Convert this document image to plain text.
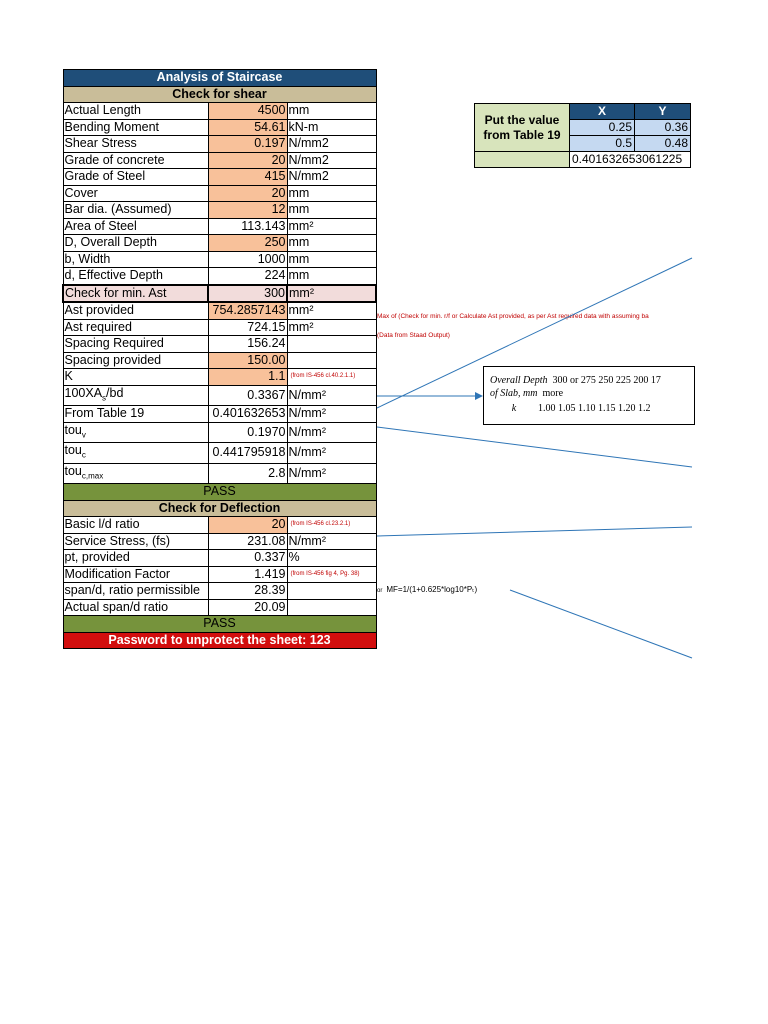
Analysis of Staircase		
Check for shear		
Actual Length	4500	mm
Bending Moment	54.61	kN-m
Shear Stress	0.197	N/mm2
Grade of concrete	20	N/mm2
Grade of Steel	415	N/mm2
Cover	20	mm
Bar dia. (Assumed)	12	mm
Area of Steel	113.143	mm²
D, Overall Depth	250	mm
b, Width	1000	mm
d, Effective Depth	224	mm
Check for min. Ast	300	mm²
Ast provided	754.2857143	mm²
Ast required	724.15	mm²
Spacing Required	156.24	
Spacing provided	150.00	
K	1.1	(from IS-456 cl.40.2.1.1)
$100XA_s/bd$	0.3367	N/mm²
From Table 19	0.401632653	N/mm²
tou$_v$	0.1970	N/mm²
tou$_c$	0.441795918	N/mm²
tou$_{c,max}$	2.8	N/mm²
PASS		
Check for Deflection		
Basic l/d ratio	20	(from IS-456 cl.23.2.1)
Service Stress, (fs)	231.08	N/mm²
pt, provided	0.337	%
Modification Factor	1.419	(from IS-456 fig 4, Pg. 38)
span/d, ratio permissible	28.39	
Actual span/d ratio	20.09	
PASS		
Password to unprotect the sheet: 123		
Put the value from Table 19	X	Y
	0.25	0.36
	0.5	0.48
	0.401632653061225	
Max of (Check for min. r/f or Calculate Ast provided, as per Ast required data with assuming ba
(Data from Staad Output)
or MF=1/(1+0.625*log10*Pₜ)
Overall Depth 300 or 275 250 225 200 17
of Slab, mm more
k 1.00 1.05 1.10 1.15 1.20 1.2
